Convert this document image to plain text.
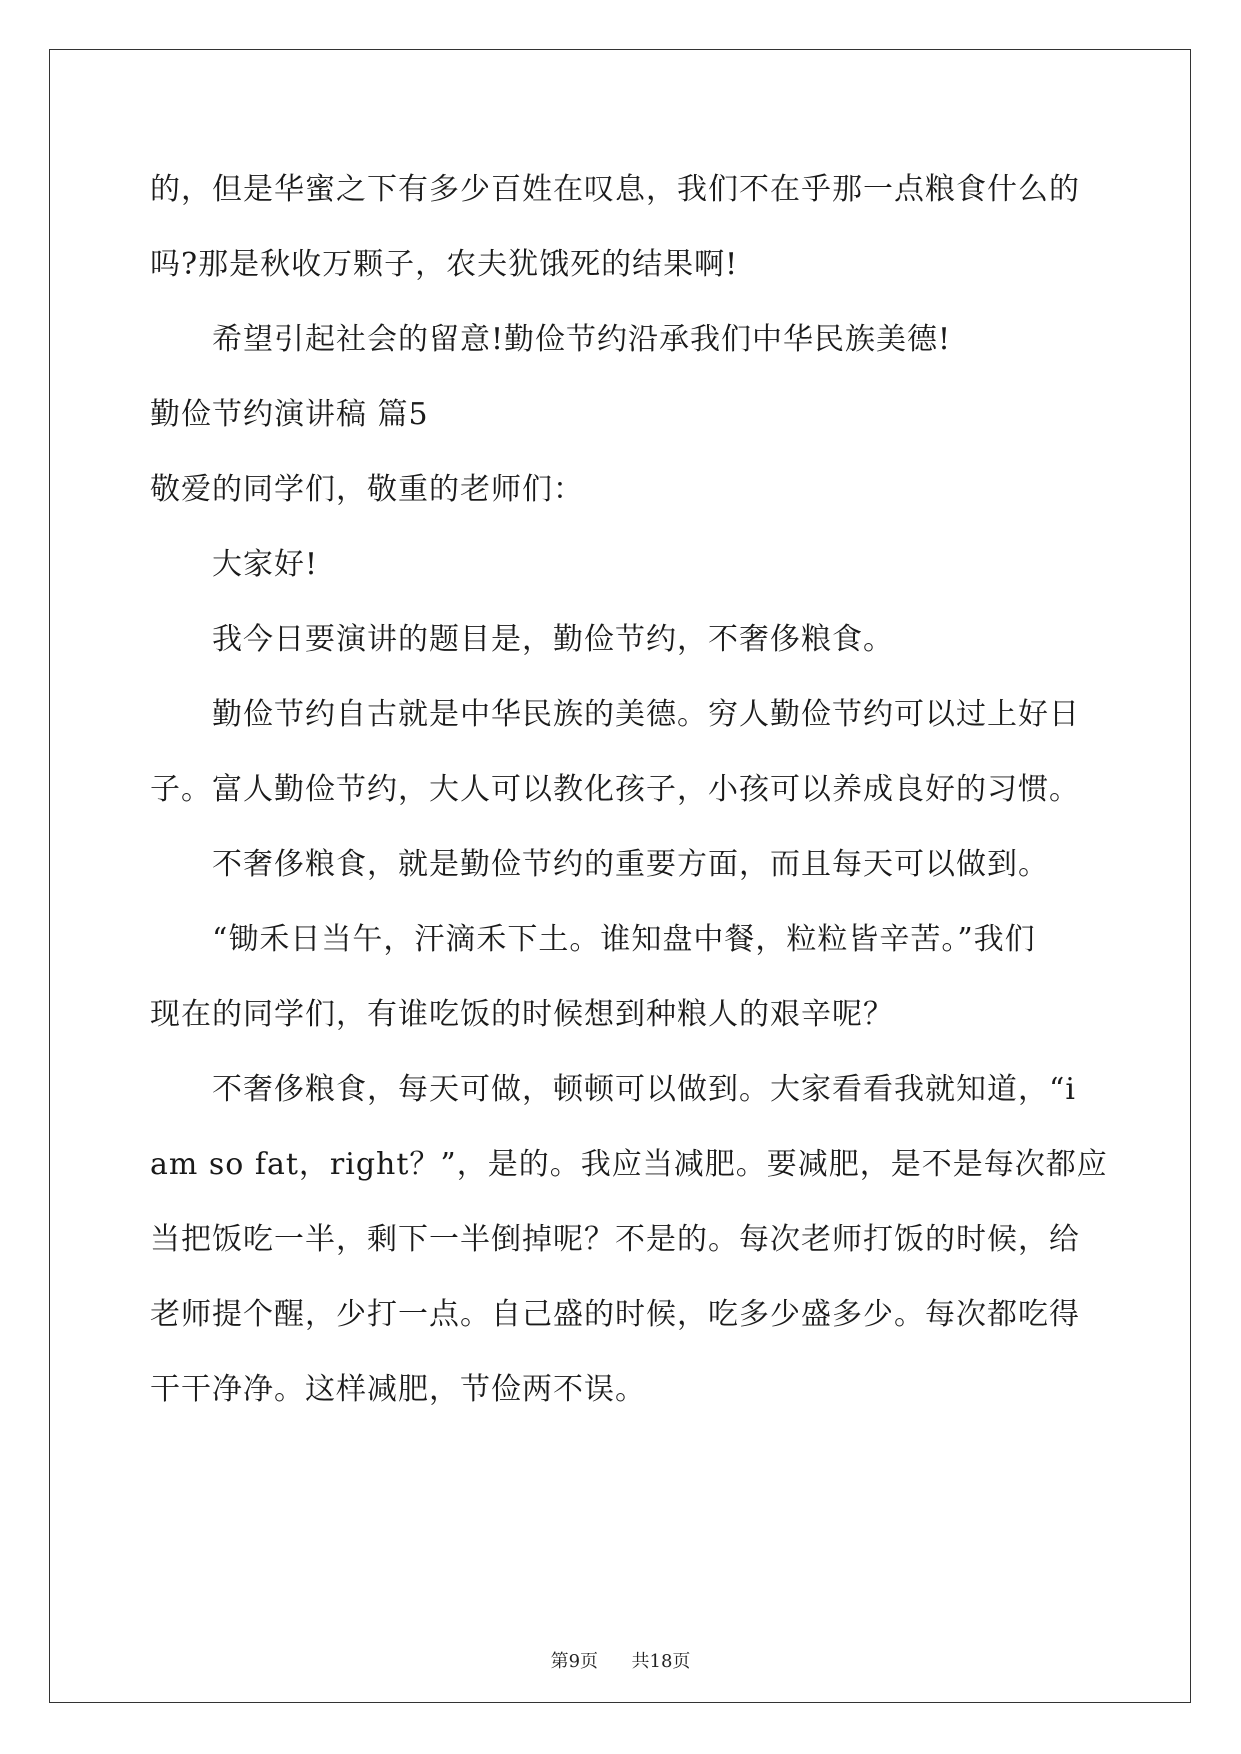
的，但是华蜜之下有多少百姓在叹息，我们不在乎那一点粮食什么的
吗?那是秋收万颗子，农夫犹饿死的结果啊!
希望引起社会的留意!勤俭节约沿承我们中华民族美德!
勤俭节约演讲稿 篇5
敬爱的同学们，敬重的老师们：
大家好!
我今日要演讲的题目是，勤俭节约，不奢侈粮食。
勤俭节约自古就是中华民族的美德。穷人勤俭节约可以过上好日
子。富人勤俭节约，大人可以教化孩子，小孩可以养成良好的习惯。
不奢侈粮食，就是勤俭节约的重要方面，而且每天可以做到。
“锄禾日当午，汗滴禾下土。谁知盘中餐，粒粒皆辛苦。”我们
现在的同学们，有谁吃饭的时候想到种粮人的艰辛呢？
不奢侈粮食，每天可做，顿顿可以做到。大家看看我就知道，“i
am so fat，right？”，是的。我应当减肥。要减肥，是不是每次都应
当把饭吃一半，剩下一半倒掉呢？不是的。每次老师打饭的时候，给
老师提个醒，少打一点。自己盛的时候，吃多少盛多少。每次都吃得
干干净净。这样减肥，节俭两不误。
第9页 共18页
